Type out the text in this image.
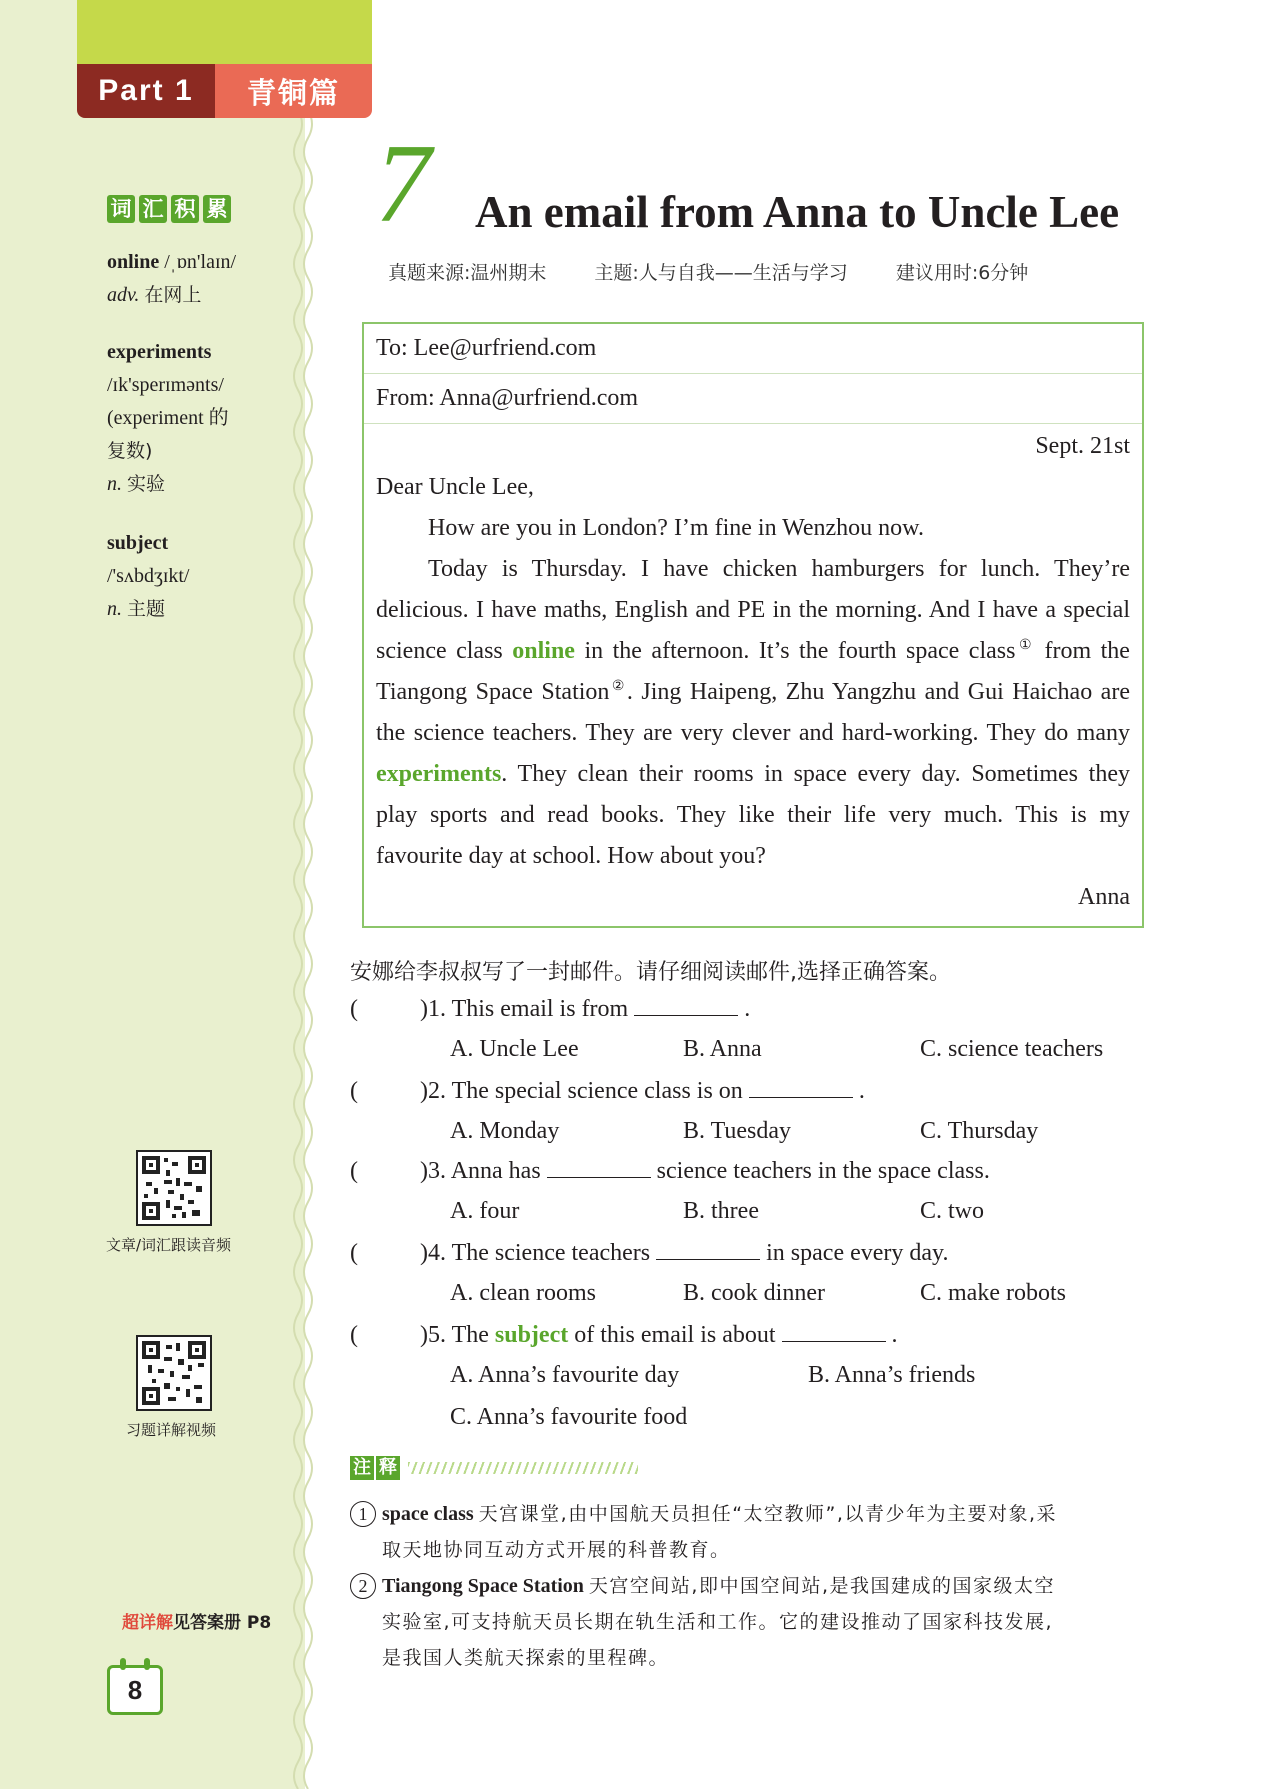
Part 1	青铜篇
词 汇 积 累
online /ˌɒn'laɪn/
adv. 在网上
experiments
/ɪk'sperɪmənts/
(experiment 的
复数)
n. 实验
subject
/'sʌbdʒɪkt/
n. 主题
文章/词汇跟读音频
习题详解视频
超详解见答案册 P8
8
7 An email from Anna to Uncle Lee
真题来源:温州期末	主题:人与自我——生活与学习	建议用时:6分钟
To: Lee@urfriend.com
From: Anna@urfriend.com
Sept. 21st
Dear Uncle Lee,
How are you in London? I’m fine in Wenzhou now.
Today is Thursday. I have chicken hamburgers for lunch. They’re delicious. I have maths, English and PE in the morning. And I have a special science class online in the afternoon. It’s the fourth space class① from the Tiangong Space Station②. Jing Haipeng, Zhu Yangzhu and Gui Haichao are the science teachers. They are very clever and hard-working. They do many experiments. They clean their rooms in space every day. Sometimes they play sports and read books. They like their life very much. This is my favourite day at school. How about you?
Anna
安娜给李叔叔写了一封邮件。请仔细阅读邮件,选择正确答案。
(	)1. This email is from	.
A. Uncle Lee	B. Anna	C. science teachers
(	)2. The special science class is on	.
A. Monday	B. Tuesday	C. Thursday
(	)3. Anna has	science teachers in the space class.
A. four	B. three	C. two
(	)4. The science teachers	in space every day.
A. clean rooms	B. cook dinner	C. make robots
(	)5. The subject of this email is about	.
A. Anna’s favourite day	B. Anna’s friends
C. Anna’s favourite food
注 释
1 space class 天宫课堂,由中国航天员担任“太空教师”,以青少年为主要对象,采

取天地协同互动方式开展的科普教育。
2 Tiangong Space Station 天宫空间站,即中国空间站,是我国建成的国家级太空

实验室,可支持航天员长期在轨生活和工作。它的建设推动了国家科技发展,
是我国人类航天探索的里程碑。
